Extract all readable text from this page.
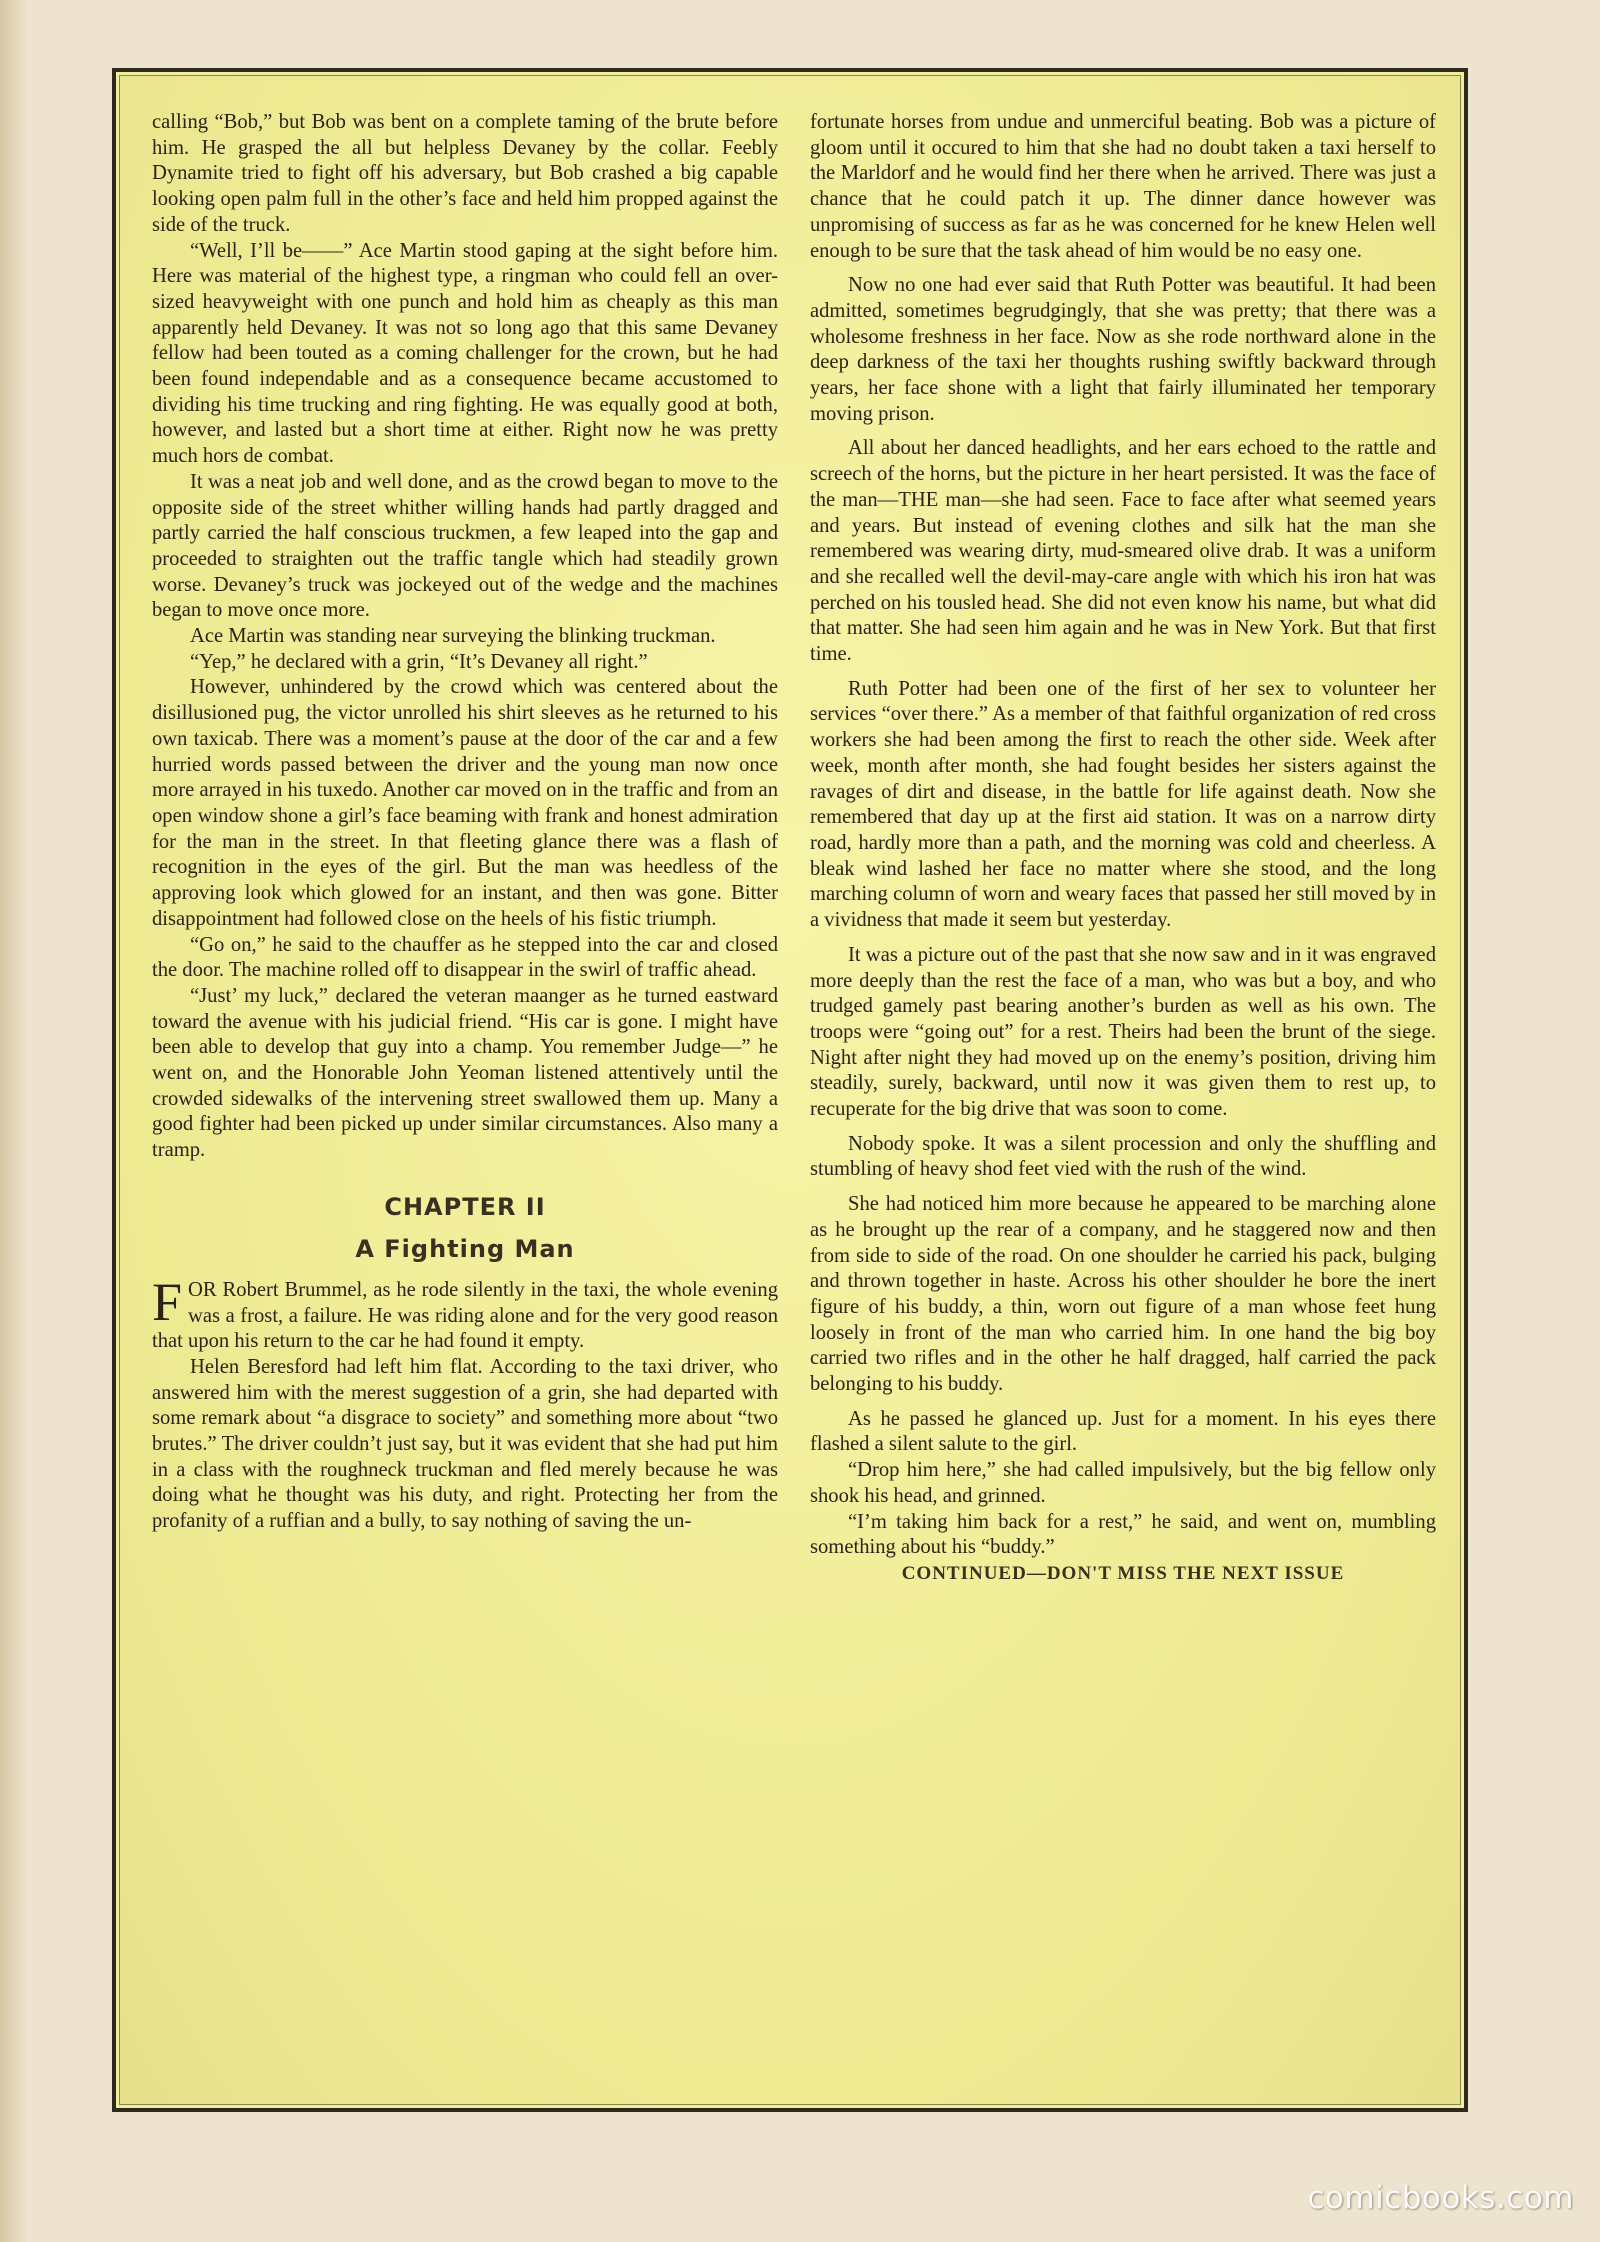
calling “Bob,” but Bob was bent on a complete taming of the brute before him. He grasped the all but helpless Devaney by the collar. Feebly Dynamite tried to fight off his adversary, but Bob crashed a big capable looking open palm full in the other’s face and held him propped against the side of the truck.

“Well, I’ll be——” Ace Martin stood gaping at the sight before him. Here was material of the highest type, a ringman who could fell an over-sized heavyweight with one punch and hold him as cheaply as this man apparently held Devaney. It was not so long ago that this same Devaney fellow had been touted as a coming challenger for the crown, but he had been found independable and as a consequence became accustomed to dividing his time trucking and ring fighting. He was equally good at both, however, and lasted but a short time at either. Right now he was pretty much hors de combat.

It was a neat job and well done, and as the crowd began to move to the opposite side of the street whither willing hands had partly dragged and partly carried the half conscious truckmen, a few leaped into the gap and proceeded to straighten out the traffic tangle which had steadily grown worse. Devaney’s truck was jockeyed out of the wedge and the machines began to move once more.

Ace Martin was standing near surveying the blinking truckman.

“Yep,” he declared with a grin, “It’s Devaney all right.”

However, unhindered by the crowd which was centered about the disillusioned pug, the victor unrolled his shirt sleeves as he returned to his own taxicab. There was a moment’s pause at the door of the car and a few hurried words passed between the driver and the young man now once more arrayed in his tuxedo. Another car moved on in the traffic and from an open window shone a girl’s face beaming with frank and honest admiration for the man in the street. In that fleeting glance there was a flash of recognition in the eyes of the girl. But the man was heedless of the approving look which glowed for an instant, and then was gone. Bitter disappointment had followed close on the heels of his fistic triumph.

“Go on,” he said to the chauffer as he stepped into the car and closed the door. The machine rolled off to disappear in the swirl of traffic ahead.

“Just’ my luck,” declared the veteran maanger as he turned eastward toward the avenue with his judicial friend. “His car is gone. I might have been able to develop that guy into a champ. You remember Judge—” he went on, and the Honorable John Yeoman listened attentively until the crowded sidewalks of the intervening street swallowed them up. Many a good fighter had been picked up under similar circumstances. Also many a tramp.

CHAPTER II
A Fighting Man

FOR Robert Brummel, as he rode silently in the taxi, the whole evening was a frost, a failure. He was riding alone and for the very good reason that upon his return to the car he had found it empty.

Helen Beresford had left him flat. According to the taxi driver, who answered him with the merest suggestion of a grin, she had departed with some remark about “a disgrace to society” and something more about “two brutes.” The driver couldn’t just say, but it was evident that she had put him in a class with the roughneck truckman and fled merely because he was doing what he thought was his duty, and right. Protecting her from the profanity of a ruffian and a bully, to say nothing of saving the un-

fortunate horses from undue and unmerciful beating. Bob was a picture of gloom until it occured to him that she had no doubt taken a taxi herself to the Marldorf and he would find her there when he arrived. There was just a chance that he could patch it up. The dinner dance however was unpromising of success as far as he was concerned for he knew Helen well enough to be sure that the task ahead of him would be no easy one.

Now no one had ever said that Ruth Potter was beautiful. It had been admitted, sometimes begrudgingly, that she was pretty; that there was a wholesome freshness in her face. Now as she rode northward alone in the deep darkness of the taxi her thoughts rushing swiftly backward through years, her face shone with a light that fairly illuminated her temporary moving prison.

All about her danced headlights, and her ears echoed to the rattle and screech of the horns, but the picture in her heart persisted. It was the face of the man—THE man—she had seen. Face to face after what seemed years and years. But instead of evening clothes and silk hat the man she remembered was wearing dirty, mud-smeared olive drab. It was a uniform and she recalled well the devil-may-care angle with which his iron hat was perched on his tousled head. She did not even know his name, but what did that matter. She had seen him again and he was in New York. But that first time.

Ruth Potter had been one of the first of her sex to volunteer her services “over there.” As a member of that faithful organization of red cross workers she had been among the first to reach the other side. Week after week, month after month, she had fought besides her sisters against the ravages of dirt and disease, in the battle for life against death. Now she remembered that day up at the first aid station. It was on a narrow dirty road, hardly more than a path, and the morning was cold and cheerless. A bleak wind lashed her face no matter where she stood, and the long marching column of worn and weary faces that passed her still moved by in a vividness that made it seem but yesterday.

It was a picture out of the past that she now saw and in it was engraved more deeply than the rest the face of a man, who was but a boy, and who trudged gamely past bearing another’s burden as well as his own. The troops were “going out” for a rest. Theirs had been the brunt of the siege. Night after night they had moved up on the enemy’s position, driving him steadily, surely, backward, until now it was given them to rest up, to recuperate for the big drive that was soon to come.

Nobody spoke. It was a silent procession and only the shuffling and stumbling of heavy shod feet vied with the rush of the wind.

She had noticed him more because he appeared to be marching alone as he brought up the rear of a company, and he staggered now and then from side to side of the road. On one shoulder he carried his pack, bulging and thrown together in haste. Across his other shoulder he bore the inert figure of his buddy, a thin, worn out figure of a man whose feet hung loosely in front of the man who carried him. In one hand the big boy carried two rifles and in the other he half dragged, half carried the pack belonging to his buddy.

As he passed he glanced up. Just for a moment. In his eyes there flashed a silent salute to the girl.

“Drop him here,” she had called impulsively, but the big fellow only shook his head, and grinned.

“I’m taking him back for a rest,” he said, and went on, mumbling something about his “buddy.”

CONTINUED—DON'T MISS THE NEXT ISSUE

comicbooks.com
